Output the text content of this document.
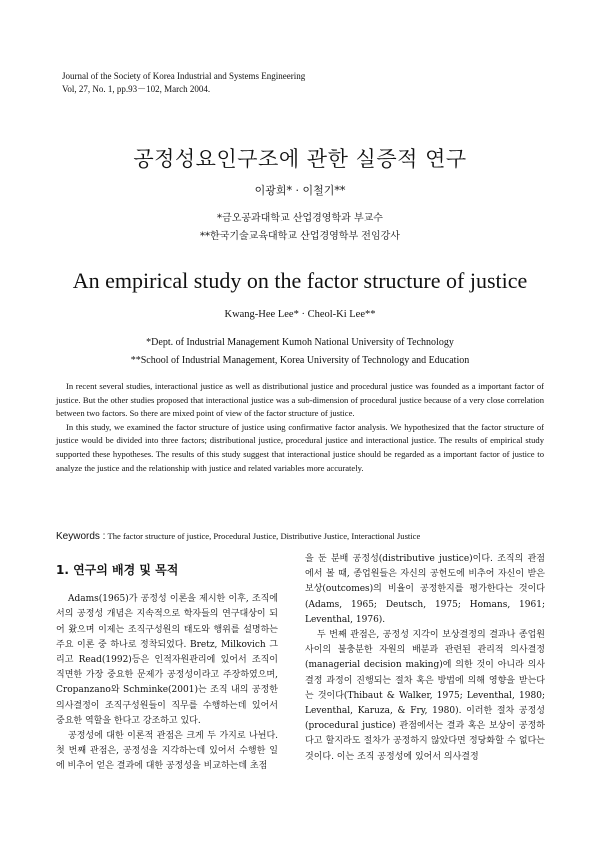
Journal of the Society of Korea Industrial and Systems Engineering
Vol, 27, No. 1, pp.93－102, March 2004.
공정성요인구조에 관한 실증적 연구
이광희* · 이철기**
*금오공과대학교 산업경영학과 부교수
**한국기술교육대학교 산업경영학부 전임강사
An empirical study on the factor structure of justice
Kwang-Hee Lee* · Cheol-Ki Lee**
*Dept. of Industrial Management Kumoh National University of Technology
**School of Industrial Management, Korea University of Technology and Education

In recent several studies, interactional justice as well as distributional justice and procedural justice was founded as a important factor of justice. But the other studies proposed that interactional justice was a sub-dimension of procedural justice because of a very close correlation between two factors. So there are mixed point of view of the factor structure of justice.

In this study, we examined the factor structure of justice using confirmative factor analysis. We hypothesized that the factor structure of justice would be divided into three factors; distributional justice, procedural justice and interactional justice. The results of empirical study supported these hypotheses. The results of this study suggest that interactional justice should be regarded as a important factor of justice to analyze the justice and the relationship with justice and related variables more accurately.

Keywords : The factor structure of justice, Procedural Justice, Distributive Justice, Interactional Justice

1. 연구의 배경 및 목적

Adams(1965)가 공정성 이론을 제시한 이후, 조직에서의 공정성 개념은 지속적으로 학자들의 연구대상이 되어 왔으며 이제는 조직구성원의 태도와 행위를 설명하는 주요 이론 중 하나로 정착되었다. Bretz, Milkovich 그리고 Read(1992)등은 인적자원관리에 있어서 조직이 직면한 가장 중요한 문제가 공정성이라고 주장하였으며, Cropanzano와 Schminke(2001)는 조직 내의 공정한 의사결정이 조직구성원들이 직무를 수행하는데 있어서 중요한 역할을 한다고 강조하고 있다.

공정성에 대한 이론적 관점은 크게 두 가지로 나뉜다. 첫 번째 관점은, 공정성을 지각하는데 있어서 수행한 일에 비추어 얻은 결과에 대한 공정성을 비교하는데 초점

을 둔 분배 공정성(distributive justice)이다. 조직의 관점에서 볼 때, 종업원들은 자신의 공헌도에 비추어 자신이 받은 보상(outcomes)의 비율이 공정한지를 평가한다는 것이다(Adams, 1965; Deutsch, 1975; Homans, 1961; Leventhal, 1976).

두 번째 관점은, 공정성 지각이 보상결정의 결과나 종업원 사이의 불충분한 자원의 배분과 관련된 관리적 의사결정(managerial decision making)에 의한 것이 아니라 의사결정 과정이 진행되는 절차 혹은 방법에 의해 영향을 받는다는 것이다(Thibaut & Walker, 1975; Leventhal, 1980; Leventhal, Karuza, & Fry, 1980). 이러한 절차 공정성(procedural justice) 관점에서는 결과 혹은 보상이 공정하다고 할지라도 절차가 공정하지 않았다면 정당화할 수 없다는 것이다. 이는 조직 공정성에 있어서 의사결정
